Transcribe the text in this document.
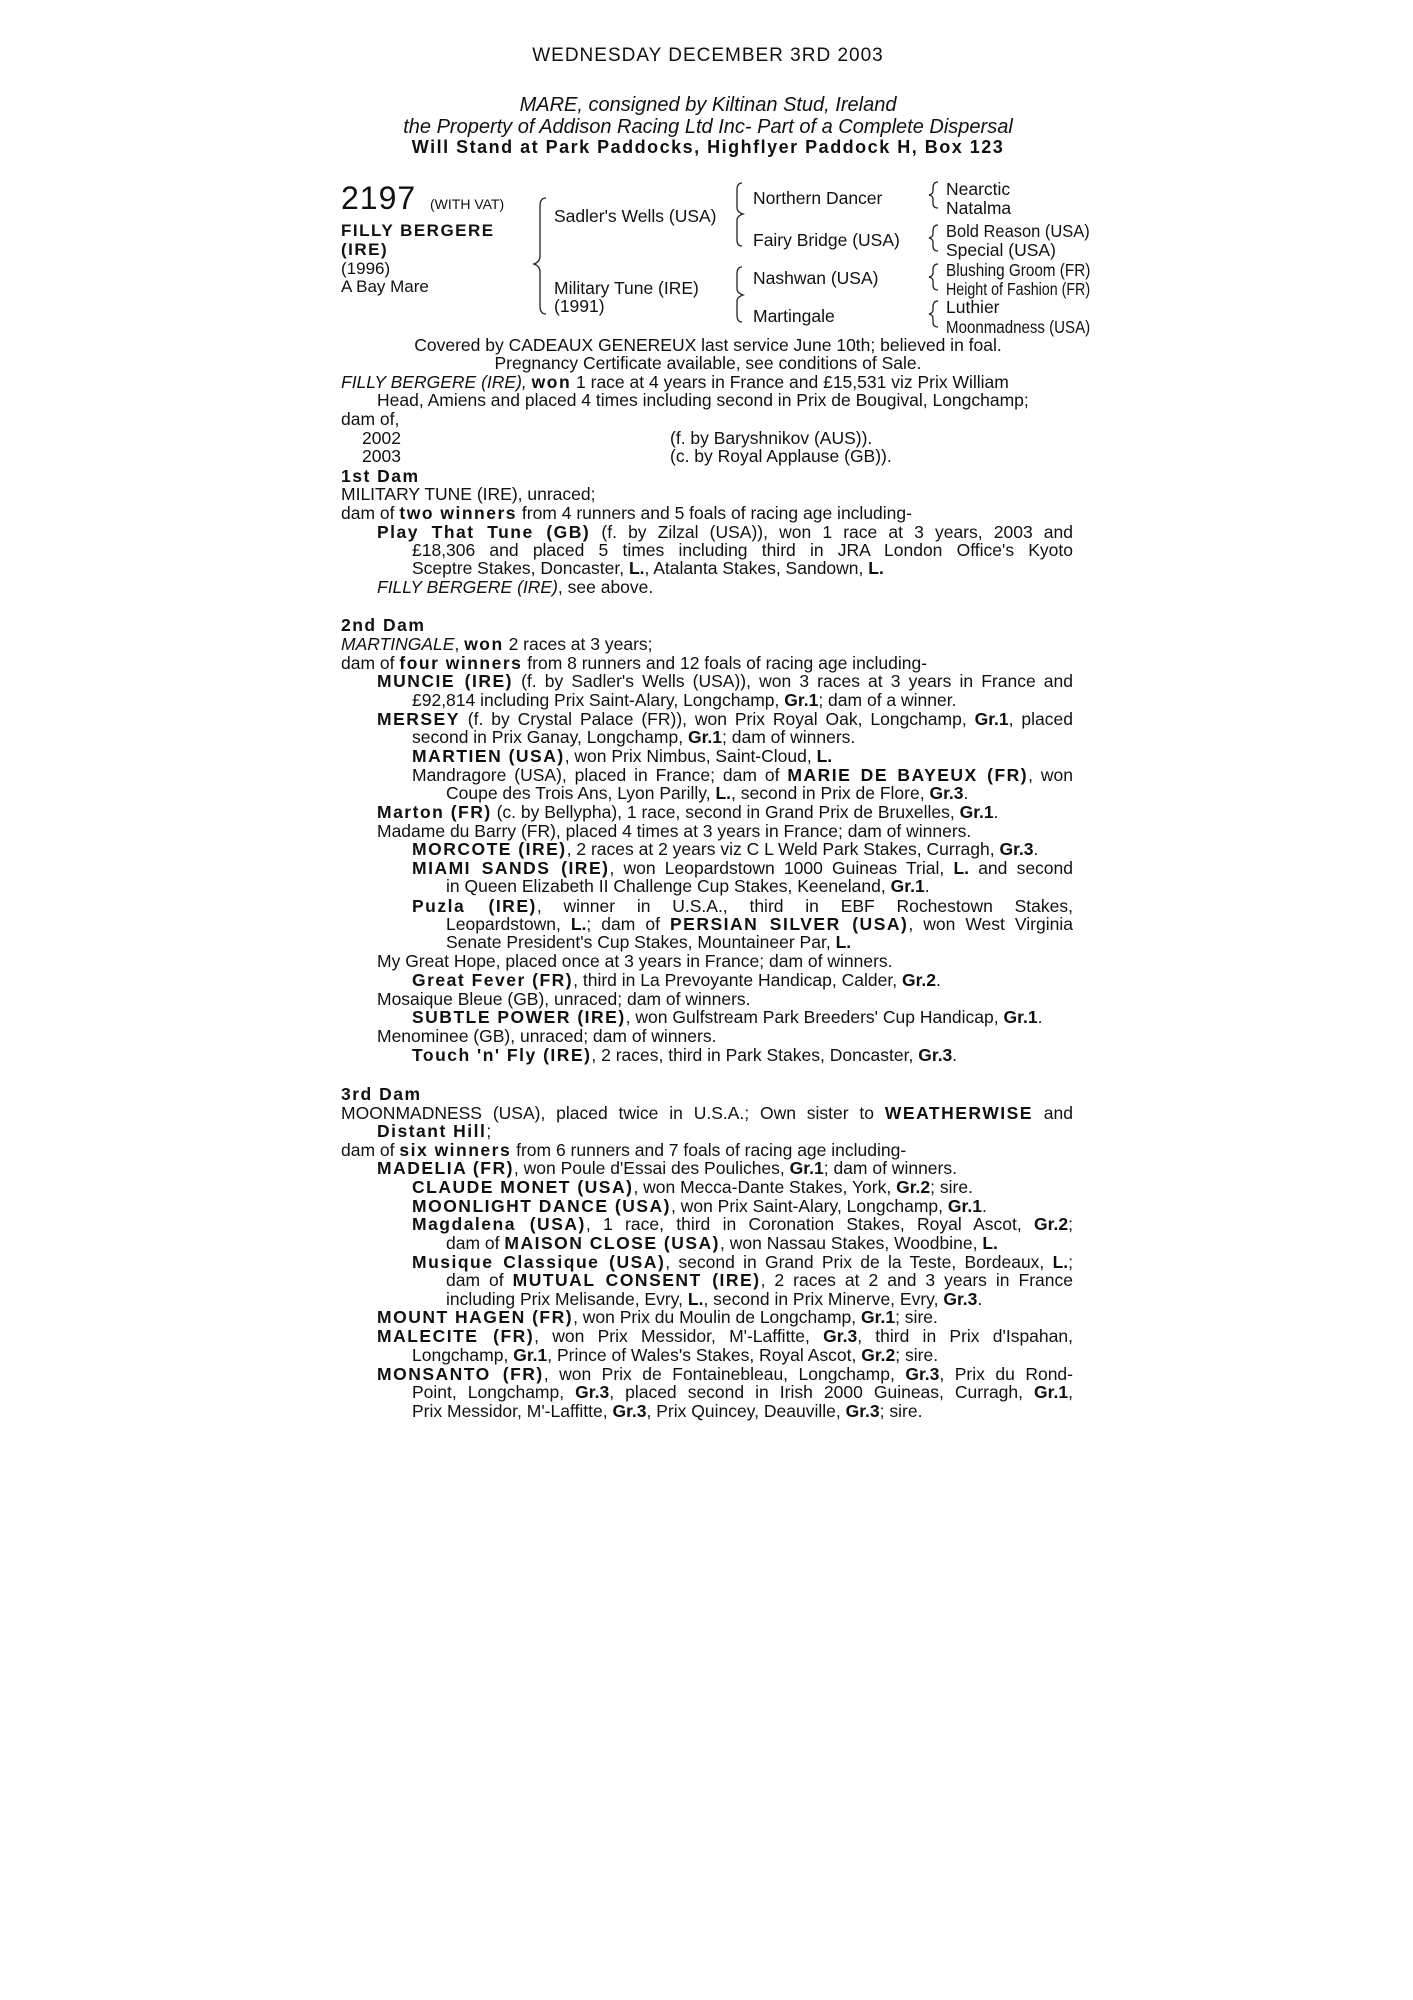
WEDNESDAY DECEMBER 3RD 2003
MARE, consigned by Kiltinan Stud, Ireland
the Property of Addison Racing Ltd Inc- Part of a Complete Dispersal
Will Stand at Park Paddocks, Highflyer Paddock H, Box 123
2197 (WITH VAT)
FILLY BERGERE
(IRE)
(1996)
A Bay Mare
Sadler's Wells (USA)
Military Tune (IRE)
(1991)
Northern Dancer
Fairy Bridge (USA)
Nashwan (USA)
Martingale
Nearctic
Natalma
Bold Reason (USA)
Special (USA)
Blushing Groom (FR)
Height of Fashion (FR)
Luthier
Moonmadness (USA)
Covered by CADEAUX GENEREUX last service June 10th; believed in foal.
Pregnancy Certificate available, see conditions of Sale.
FILLY BERGERE (IRE), won 1 race at 4 years in France and £15,531 viz Prix William
Head, Amiens and placed 4 times including second in Prix de Bougival, Longchamp;
dam of,
2002	(f. by Baryshnikov (AUS)).
2003	(c. by Royal Applause (GB)).
1st Dam
MILITARY TUNE (IRE), unraced;
dam of two winners from 4 runners and 5 foals of racing age including-
Play That Tune (GB) (f. by Zilzal (USA)), won 1 race at 3 years, 2003 and
£18,306 and placed 5 times including third in JRA London Office's Kyoto
Sceptre Stakes, Doncaster, L., Atalanta Stakes, Sandown, L.
FILLY BERGERE (IRE), see above.
2nd Dam
MARTINGALE, won 2 races at 3 years;
dam of four winners from 8 runners and 12 foals of racing age including-
MUNCIE (IRE) (f. by Sadler's Wells (USA)), won 3 races at 3 years in France and
£92,814 including Prix Saint-Alary, Longchamp, Gr.1; dam of a winner.
MERSEY (f. by Crystal Palace (FR)), won Prix Royal Oak, Longchamp, Gr.1, placed
second in Prix Ganay, Longchamp, Gr.1; dam of winners.
MARTIEN (USA), won Prix Nimbus, Saint-Cloud, L.
Mandragore (USA), placed in France; dam of MARIE DE BAYEUX (FR), won
Coupe des Trois Ans, Lyon Parilly, L., second in Prix de Flore, Gr.3.
Marton (FR) (c. by Bellypha), 1 race, second in Grand Prix de Bruxelles, Gr.1.
Madame du Barry (FR), placed 4 times at 3 years in France; dam of winners.
MORCOTE (IRE), 2 races at 2 years viz C L Weld Park Stakes, Curragh, Gr.3.
MIAMI SANDS (IRE), won Leopardstown 1000 Guineas Trial, L. and second
in Queen Elizabeth II Challenge Cup Stakes, Keeneland, Gr.1.
Puzla (IRE), winner in U.S.A., third in EBF Rochestown Stakes,
Leopardstown, L.; dam of PERSIAN SILVER (USA), won West Virginia
Senate President's Cup Stakes, Mountaineer Par, L.
My Great Hope, placed once at 3 years in France; dam of winners.
Great Fever (FR), third in La Prevoyante Handicap, Calder, Gr.2.
Mosaique Bleue (GB), unraced; dam of winners.
SUBTLE POWER (IRE), won Gulfstream Park Breeders' Cup Handicap, Gr.1.
Menominee (GB), unraced; dam of winners.
Touch 'n' Fly (IRE), 2 races, third in Park Stakes, Doncaster, Gr.3.
3rd Dam
MOONMADNESS (USA), placed twice in U.S.A.; Own sister to WEATHERWISE and
Distant Hill;
dam of six winners from 6 runners and 7 foals of racing age including-
MADELIA (FR), won Poule d'Essai des Pouliches, Gr.1; dam of winners.
CLAUDE MONET (USA), won Mecca-Dante Stakes, York, Gr.2; sire.
MOONLIGHT DANCE (USA), won Prix Saint-Alary, Longchamp, Gr.1.
Magdalena (USA), 1 race, third in Coronation Stakes, Royal Ascot, Gr.2;
dam of MAISON CLOSE (USA), won Nassau Stakes, Woodbine, L.
Musique Classique (USA), second in Grand Prix de la Teste, Bordeaux, L.;
dam of MUTUAL CONSENT (IRE), 2 races at 2 and 3 years in France
including Prix Melisande, Evry, L., second in Prix Minerve, Evry, Gr.3.
MOUNT HAGEN (FR), won Prix du Moulin de Longchamp, Gr.1; sire.
MALECITE (FR), won Prix Messidor, M'-Laffitte, Gr.3, third in Prix d'Ispahan,
Longchamp, Gr.1, Prince of Wales's Stakes, Royal Ascot, Gr.2; sire.
MONSANTO (FR), won Prix de Fontainebleau, Longchamp, Gr.3, Prix du Rond-
Point, Longchamp, Gr.3, placed second in Irish 2000 Guineas, Curragh, Gr.1,
Prix Messidor, M'-Laffitte, Gr.3, Prix Quincey, Deauville, Gr.3; sire.
